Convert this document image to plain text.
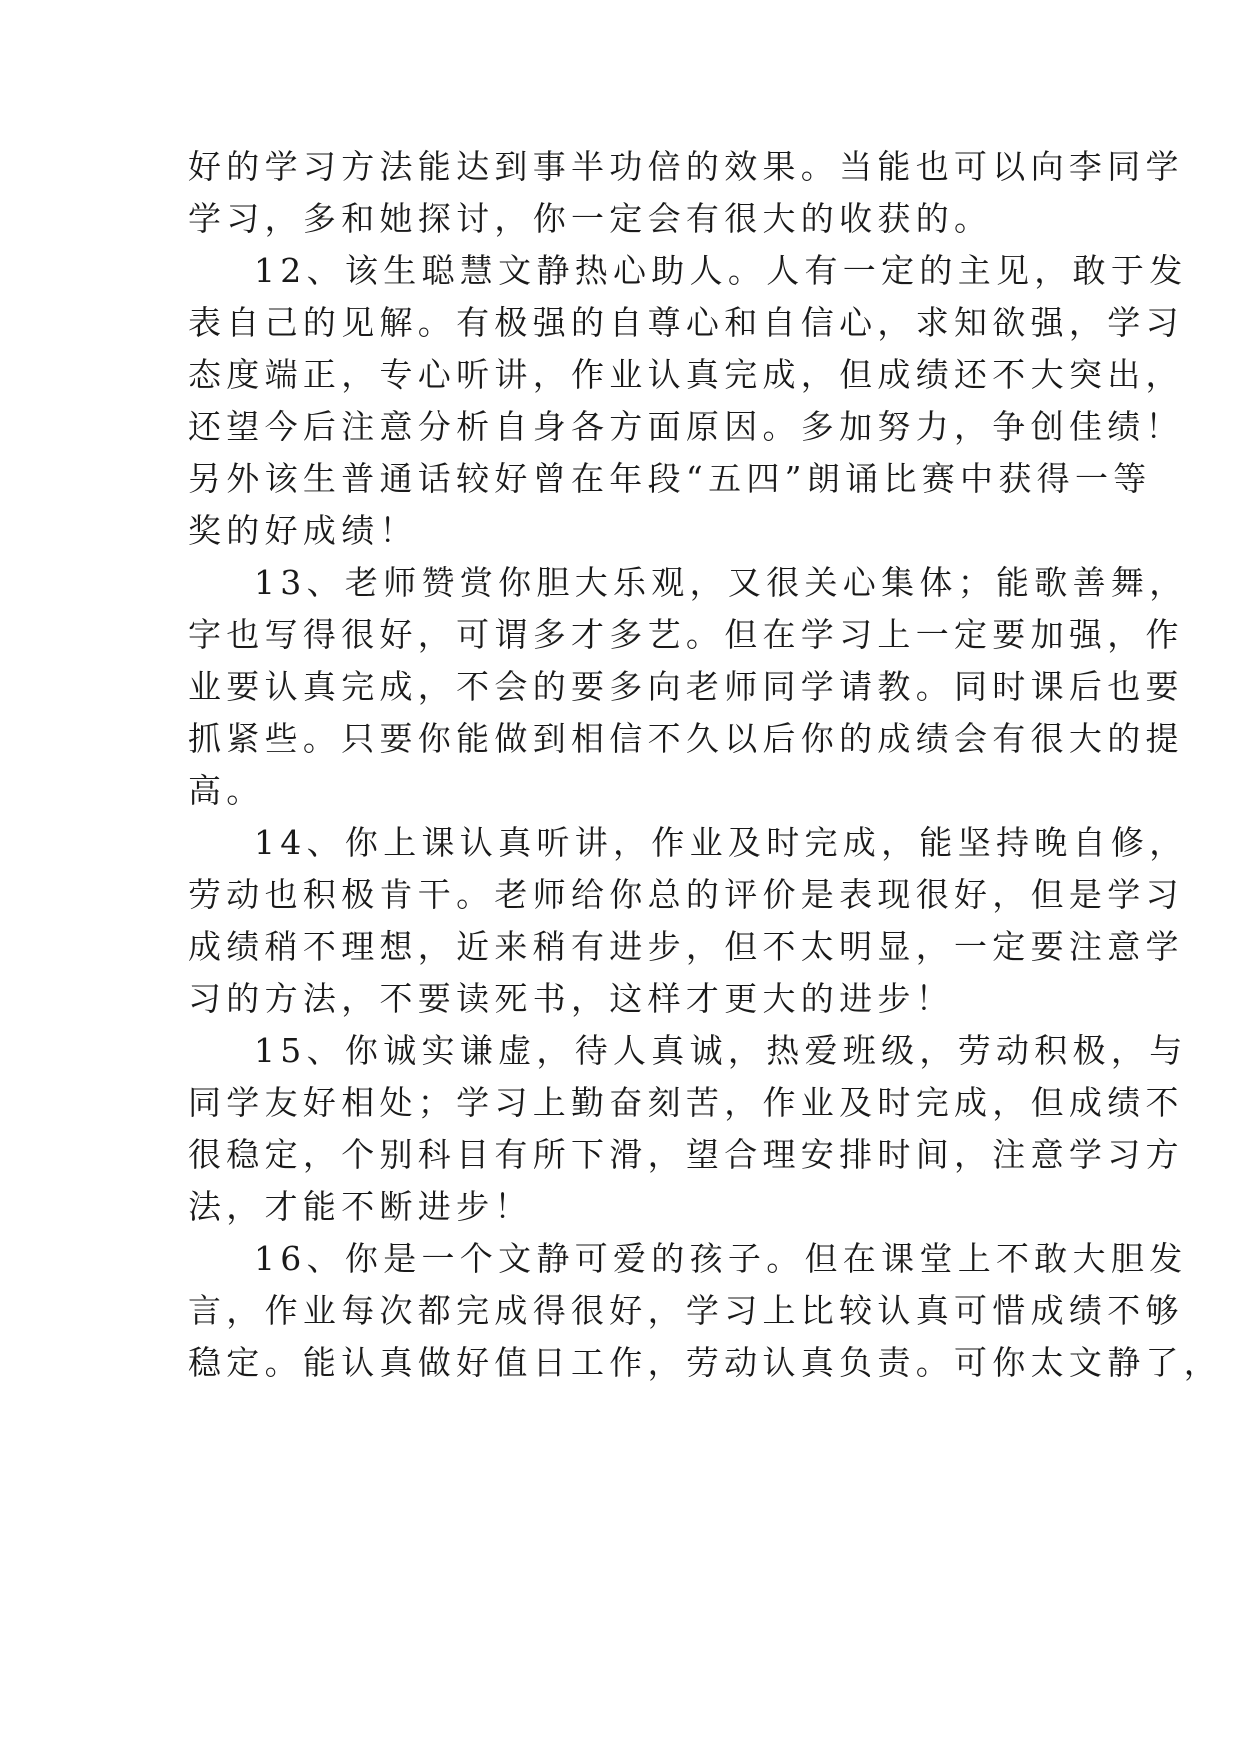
好的学习方法能达到事半功倍的效果。当能也可以向李同学
学习，多和她探讨，你一定会有很大的收获的。
12、该生聪慧文静热心助人。人有一定的主见，敢于发
表自己的见解。有极强的自尊心和自信心，求知欲强，学习
态度端正，专心听讲，作业认真完成，但成绩还不大突出，
还望今后注意分析自身各方面原因。多加努力，争创佳绩！
另外该生普通话较好曾在年段“五四”朗诵比赛中获得一等
奖的好成绩！
13、老师赞赏你胆大乐观，又很关心集体；能歌善舞，
字也写得很好，可谓多才多艺。但在学习上一定要加强，作
业要认真完成，不会的要多向老师同学请教。同时课后也要
抓紧些。只要你能做到相信不久以后你的成绩会有很大的提
高。
14、你上课认真听讲，作业及时完成，能坚持晚自修，
劳动也积极肯干。老师给你总的评价是表现很好，但是学习
成绩稍不理想，近来稍有进步，但不太明显，一定要注意学
习的方法，不要读死书，这样才更大的进步！
15、你诚实谦虚，待人真诚，热爱班级，劳动积极，与
同学友好相处；学习上勤奋刻苦，作业及时完成，但成绩不
很稳定，个别科目有所下滑，望合理安排时间，注意学习方
法，才能不断进步！
16、你是一个文静可爱的孩子。但在课堂上不敢大胆发
言，作业每次都完成得很好，学习上比较认真可惜成绩不够
稳定。能认真做好值日工作，劳动认真负责。可你太文静了，
